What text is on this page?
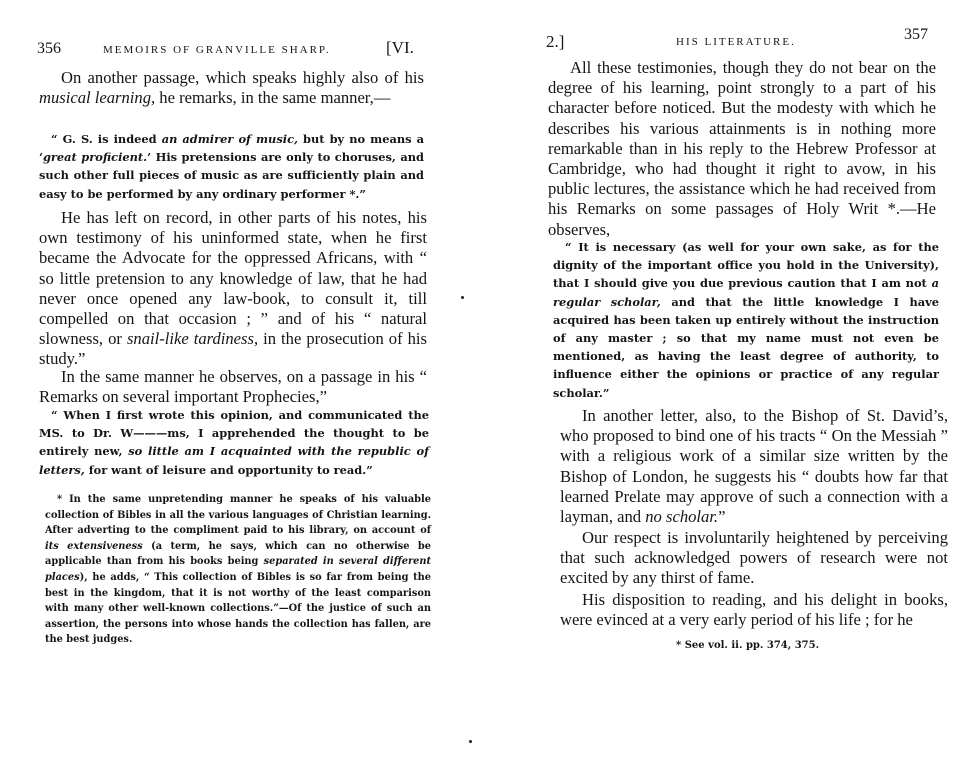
356	MEMOIRS OF GRANVILLE SHARP.	[VI.

On another passage, which speaks highly also of his musical learning, he remarks, in the same manner,—

“ G. S. is indeed an admirer of music, but by no means a ‘great proficient.’ His pretensions are only to choruses, and such other full pieces of music as are sufficiently plain and easy to be performed by any ordinary performer *.”

He has left on record, in other parts of his notes, his own testimony of his uninformed state, when he first became the Advocate for the oppressed Africans, with “ so little pretension to any knowledge of law, that he had never once opened any law-book, to consult it, till compelled on that occasion ; ” and of his “ natural slowness, or snail-like tardiness, in the prosecution of his study.”

In the same manner he observes, on a passage in his “ Remarks on several important Prophecies,”

“ When I first wrote this opinion, and communicated the MS. to Dr. W———ms, I apprehended the thought to be entirely new, so little am I acquainted with the republic of letters, for want of leisure and opportunity to read.”

* In the same unpretending manner he speaks of his valuable collection of Bibles in all the various languages of Christian learning. After adverting to the compliment paid to his library, on account of its extensiveness (a term, he says, which can no otherwise be applicable than from his books being separated in several different places), he adds, “ This collection of Bibles is so far from being the best in the kingdom, that it is not worthy of the least comparison with many other well-known collections.”—Of the justice of such an assertion, the persons into whose hands the collection has fallen, are the best judges.

2.]	HIS LITERATURE.	357

All these testimonies, though they do not bear on the degree of his learning, point strongly to a part of his character before noticed. But the modesty with which he describes his various attainments is in nothing more remarkable than in his reply to the Hebrew Professor at Cambridge, who had thought it right to avow, in his public lectures, the assistance which he had received from his Remarks on some passages of Holy Writ *.—He observes,

“ It is necessary (as well for your own sake, as for the dignity of the important office you hold in the University), that I should give you due previous caution that I am not a regular scholar, and that the little knowledge I have acquired has been taken up entirely without the instruction of any master ; so that my name must not even be mentioned, as having the least degree of authority, to influence either the opinions or practice of any regular scholar.”

In another letter, also, to the Bishop of St. David’s, who proposed to bind one of his tracts “ On the Messiah ” with a religious work of a similar size written by the Bishop of London, he suggests his “ doubts how far that learned Prelate may approve of such a connection with a layman, and no scholar.”

Our respect is involuntarily heightened by perceiving that such acknowledged powers of research were not excited by any thirst of fame.

His disposition to reading, and his delight in books, were evinced at a very early period of his life ; for he

* See vol. ii. pp. 374, 375.
